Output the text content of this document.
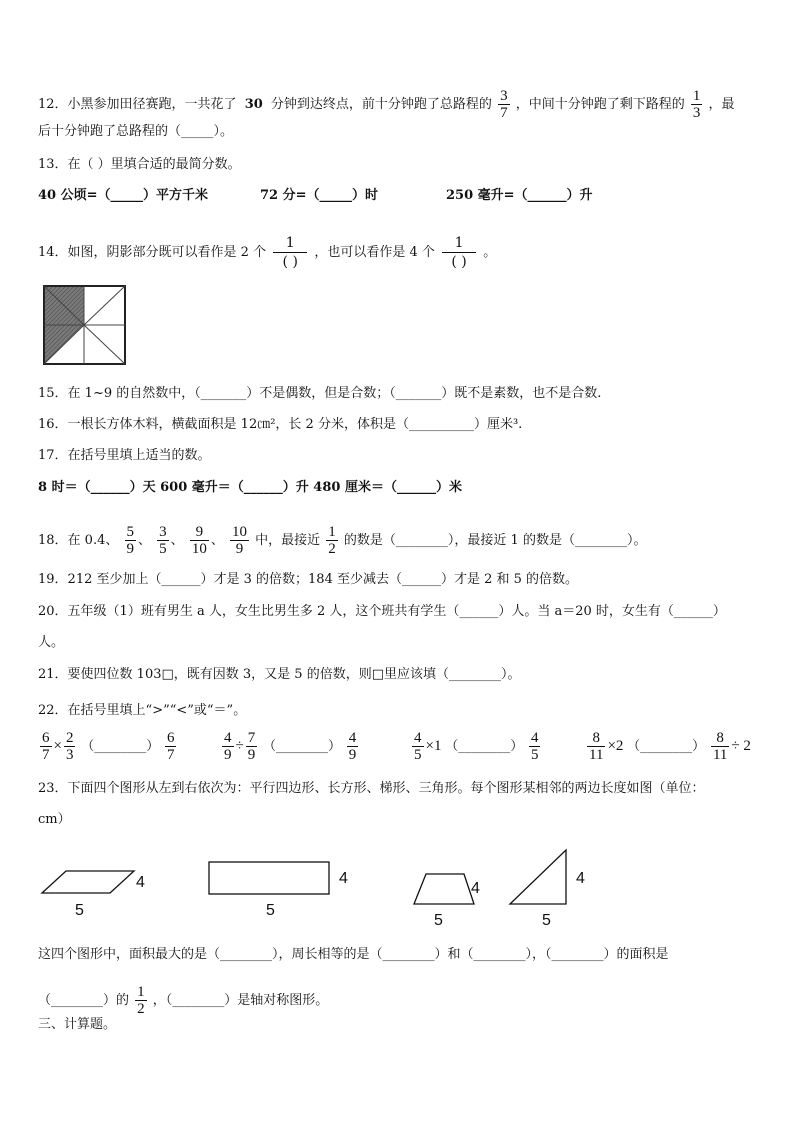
12．小黑参加田径赛跑，一共花了 30 分钟到达终点，前十分钟跑了总路程的 $\frac{3}{7}$ ，中间十分钟跑了剩下路程的 $\frac{1}{3}$ ，最
后十分钟跑了总路程的（_____）。
13．在（ ）里填合适的最简分数。
40 公顷=（_____）平方千米	72 分=（_____）时	250 毫升=（______）升
14．如图，阴影部分既可以看作是 2 个 $\frac{1}{( )}$ ，也可以看作是 4 个 $\frac{1}{( )}$ 。
15．在 1~9 的自然数中，（_______）不是偶数，但是合数；（_______）既不是素数，也不是合数.
16．一根长方体木料，横截面积是 12㎝²，长 2 分米，体积是（__________）厘米³.
17．在括号里填上适当的数。
8 时＝（______）天 600 毫升＝（______）升 480 厘米＝（______）米
18．在 0.4、 $\frac{5}{9}$ 、 $\frac{3}{5}$ 、 $\frac{9}{10}$ 、 $\frac{10}{9}$ 中，最接近 $\frac{1}{2}$ 的数是（________），最接近 1 的数是（________）。
19．212 至少加上（______）才是 3 的倍数；184 至少减去（______）才是 2 和 5 的倍数。
20．五年级（1）班有男生 a 人，女生比男生多 2 人，这个班共有学生（______）人。当 a＝20 时，女生有（______）
人。
21．要使四位数 103□，既有因数 3，又是 5 的倍数，则□里应该填（________）。
22．在括号里填上“>”“<”或“＝”。
$\frac{6}{7} \times \frac{2}{3}$ （________） $\frac{6}{7}$	$\frac{4}{9} \div \frac{7}{9}$ （________） $\frac{4}{9}$	$\frac{4}{5} \times 1$ （________） $\frac{4}{5}$	$\frac{8}{11} \times 2$ （________） $\frac{8}{11} \div 2$
23．下面四个图形从左到右依次为：平行四边形、长方形、梯形、三角形。每个图形某相邻的两边长度如图（单位：
cm）
4
5
4
5
4
5
4
5
这四个图形中，面积最大的是（________），周长相等的是（________）和（________），（________）的面积是
（________）的 $\frac{1}{2}$ ，（________）是轴对称图形。
三、计算题。
